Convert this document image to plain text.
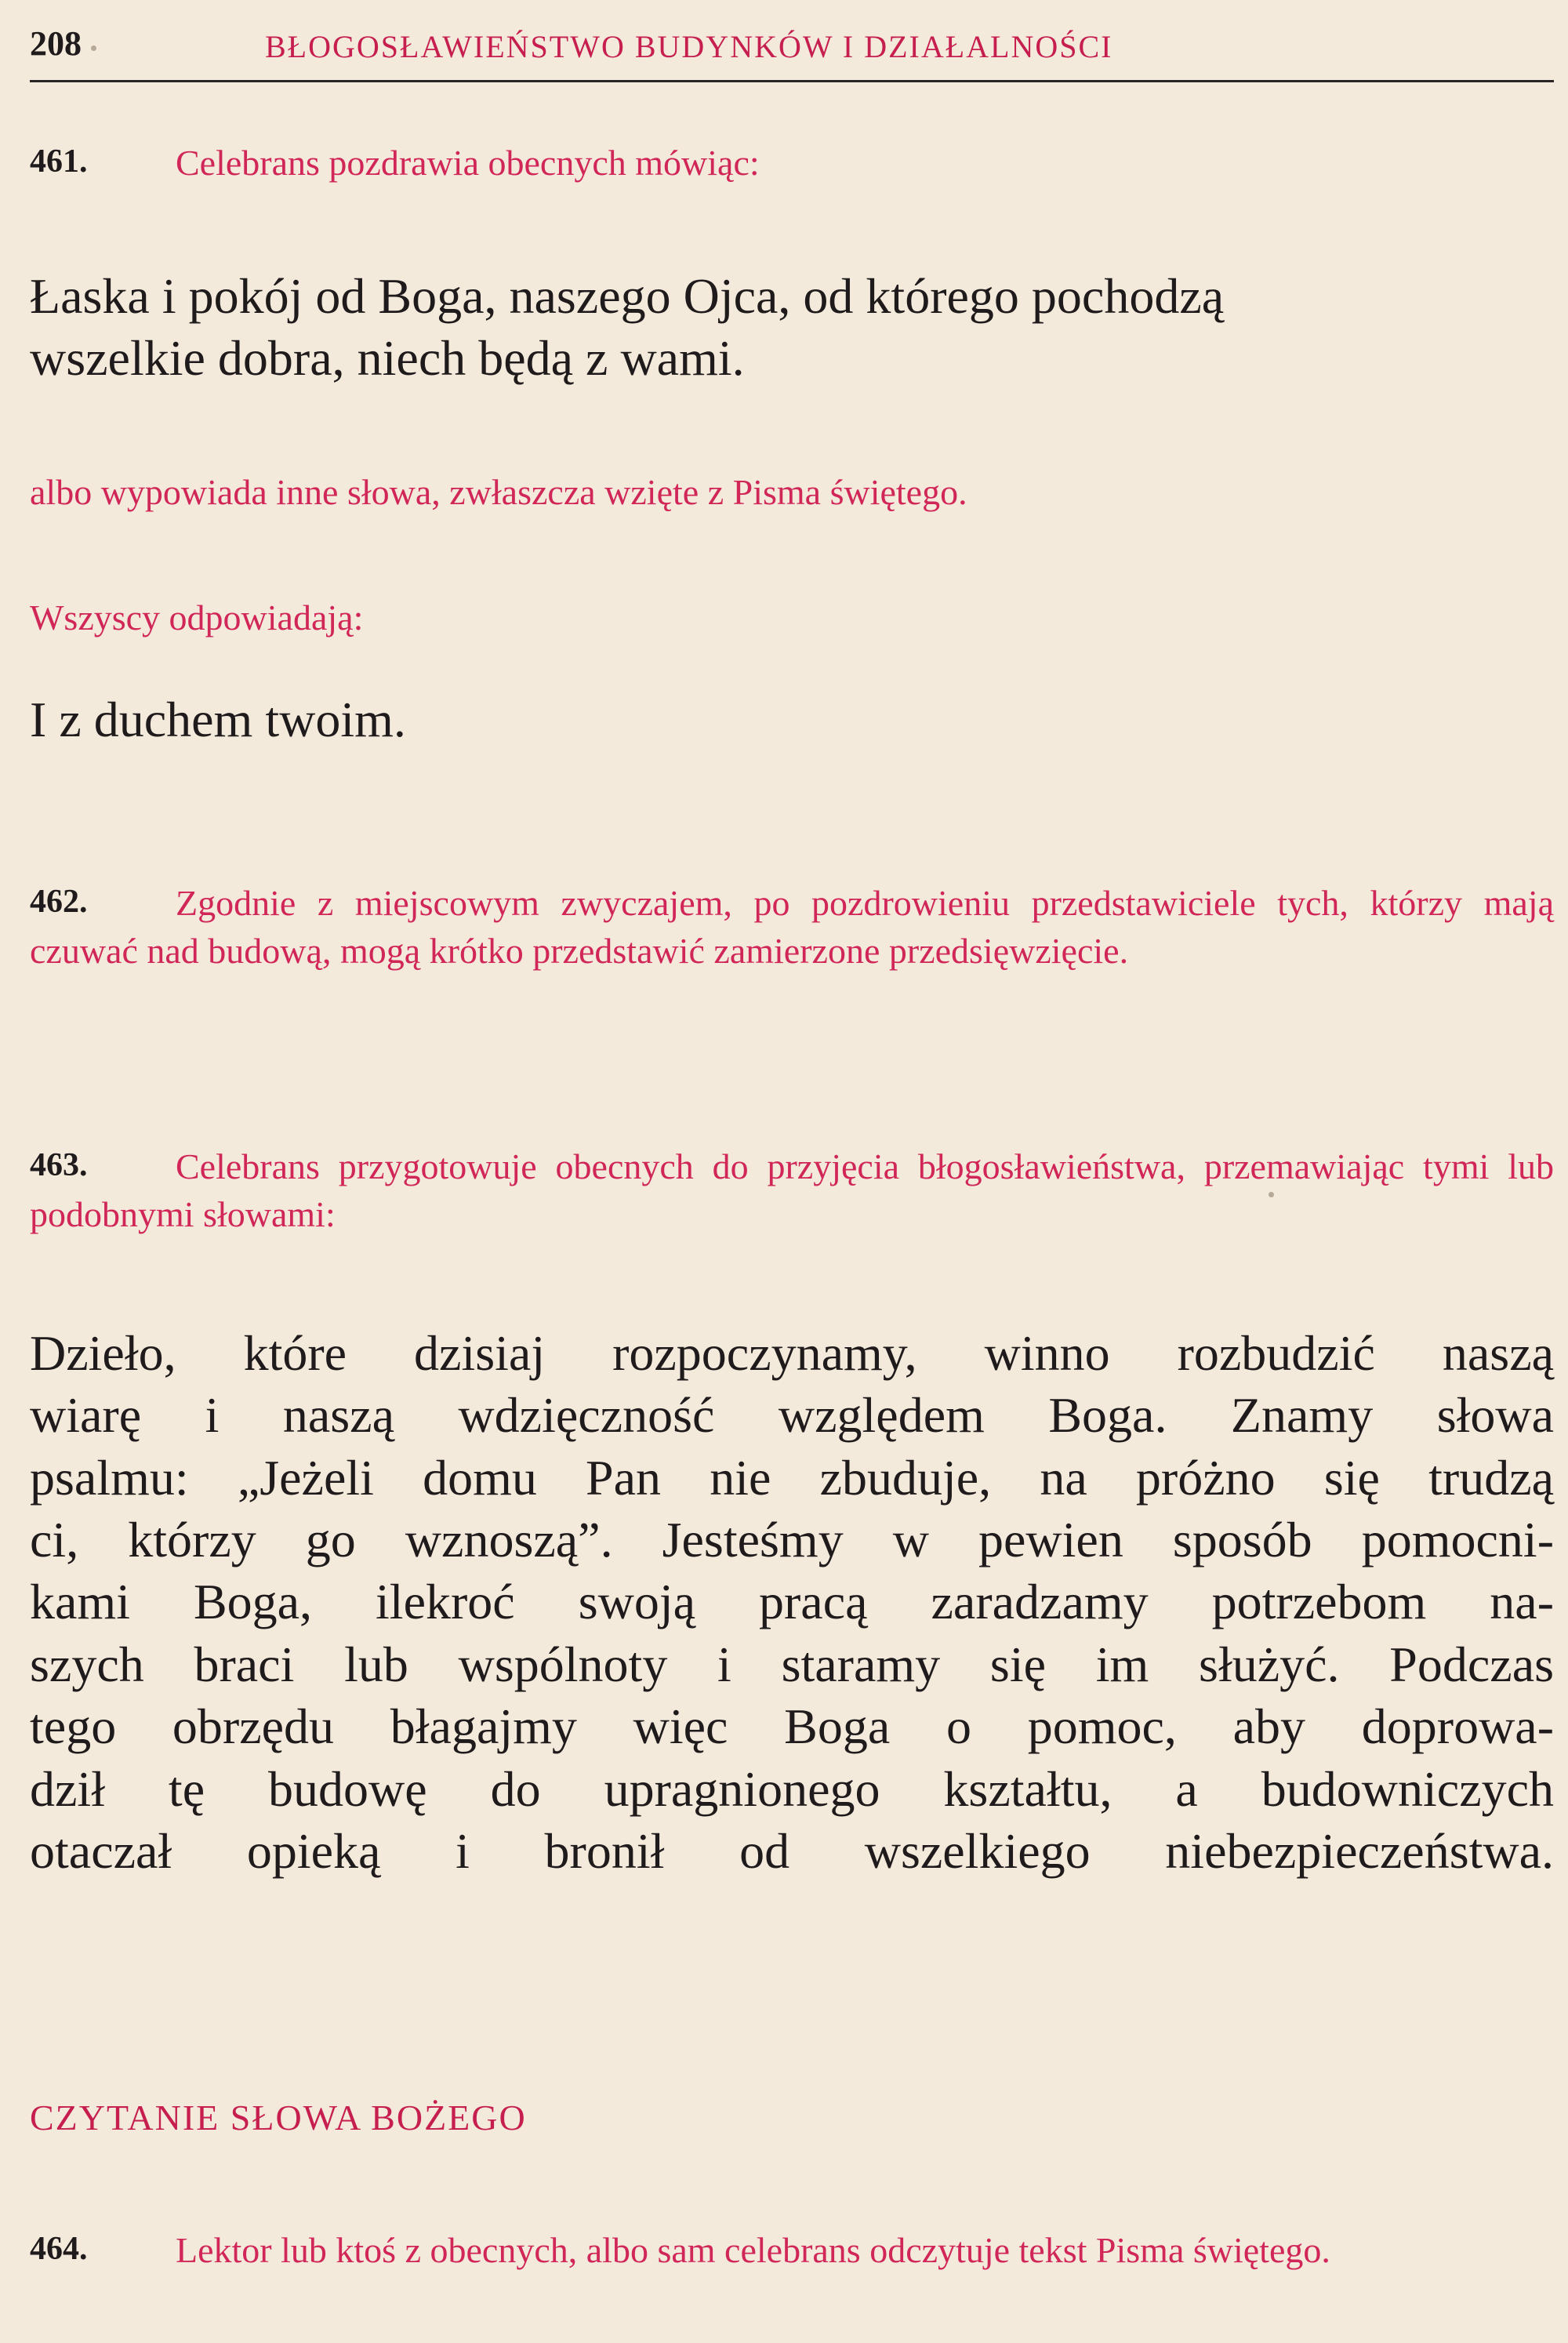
208	BŁOGOSŁAWIEŃSTWO BUDYNKÓW I DZIAŁALNOŚCI
461.	Celebrans pozdrawia obecnych mówiąc:
Łaska i pokój od Boga, naszego Ojca, od którego pochodzą
wszelkie dobra, niech będą z wami.
albo wypowiada inne słowa, zwłaszcza wzięte z Pisma świętego.
Wszyscy odpowiadają:
I z duchem twoim.
462.	Zgodnie z miejscowym zwyczajem, po pozdrowieniu przedstawiciele tych, którzy mają czuwać nad budową, mogą krótko przedstawić zamierzone przedsięwzięcie.
463.	Celebrans przygotowuje obecnych do przyjęcia błogosławieństwa, przemawiając tymi lub podobnymi słowami:
Dzieło, które dzisiaj rozpoczynamy, winno rozbudzić naszą
wiarę i naszą wdzięczność względem Boga. Znamy słowa
psalmu: „Jeżeli domu Pan nie zbuduje, na próżno się trudzą
ci, którzy go wznoszą”. Jesteśmy w pewien sposób pomocni-
kami Boga, ilekroć swoją pracą zaradzamy potrzebom na-
szych braci lub wspólnoty i staramy się im służyć. Podczas
tego obrzędu błagajmy więc Boga o pomoc, aby doprowa-
dził tę budowę do upragnionego kształtu, a budowniczych
otaczał opieką i bronił od wszelkiego niebezpieczeństwa.
CZYTANIE SŁOWA BOŻEGO
464.	Lektor lub ktoś z obecnych, albo sam celebrans odczytuje tekst Pisma świętego.
